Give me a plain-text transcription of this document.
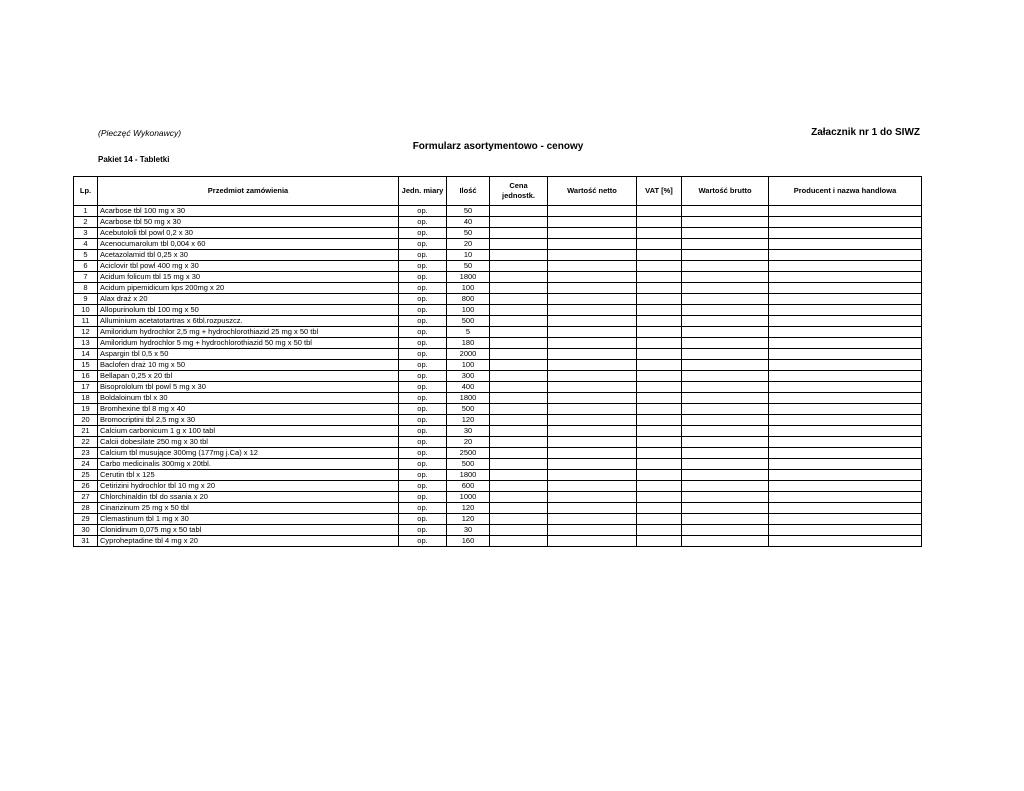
(Pieczęć Wykonawcy)	Załacznik nr 1 do SIWZ
Formularz asortymentowo - cenowy
Pakiet 14 - Tabletki
Lp.	Przedmiot zamówienia	Jedn. miary	Ilość	Cena jednostk.	Wartość netto	VAT [%]	Wartość brutto	Producent i nazwa handlowa
1	Acarbose tbl 100 mg x 30	op.	50					
2	Acarbose tbl 50 mg x 30	op.	40					
3	Acebutololi tbl powl 0,2 x 30	op.	50					
4	Acenocumarolum tbl 0,004 x 60	op.	20					
5	Acetazolamid tbl 0,25 x 30	op.	10					
6	Aciclovir tbl powl 400 mg x 30	op.	50					
7	Acidum folicum tbl 15 mg x 30	op.	1800					
8	Acidum pipemidicum kps 200mg x 20	op.	100					
9	Alax draż x 20	op.	800					
10	Allopurinolum tbl 100 mg x 50	op.	100					
11	Alluminium acetatotartras x 6tbl.rozpuszcz.	op.	500					
12	Amiloridum hydrochlor 2,5 mg + hydrochlorothiazid 25 mg x 50 tbl	op.	5					
13	Amiloridum hydrochlor 5 mg + hydrochlorothiazid 50 mg x 50 tbl	op.	180					
14	Aspargin tbl 0,5 x 50	op.	2000					
15	Baclofen draż 10 mg x 50	op.	100					
16	Bellapan 0,25 x 20 tbl	op.	300					
17	Bisoprololum tbl powl 5 mg x 30	op.	400					
18	Boldaloinum tbl x 30	op.	1800					
19	Bromhexine tbl 8 mg x 40	op.	500					
20	Bromocriptini tbl 2,5 mg x 30	op.	120					
21	Calcium carbonicum 1 g x 100 tabl	op.	30					
22	Calcii dobesilate 250 mg x 30 tbl	op.	20					
23	Calcium tbl musujące 300mg (177mg j.Ca) x 12	op.	2500					
24	Carbo medicinalis 300mg x 20tbl.	op.	500					
25	Cerutin tbl x 125	op.	1800					
26	Cetirizini hydrochlor tbl 10 mg x 20	op.	600					
27	Chlorchinaldin tbl do ssania x 20	op.	1000					
28	Cinarizinum 25 mg x 50 tbl	op.	120					
29	Clemastinum tbl 1 mg x 30	op.	120					
30	Clonidinum 0,075 mg x 50 tabl	op.	30					
31	Cyproheptadine tbl 4 mg x 20	op.	160					
